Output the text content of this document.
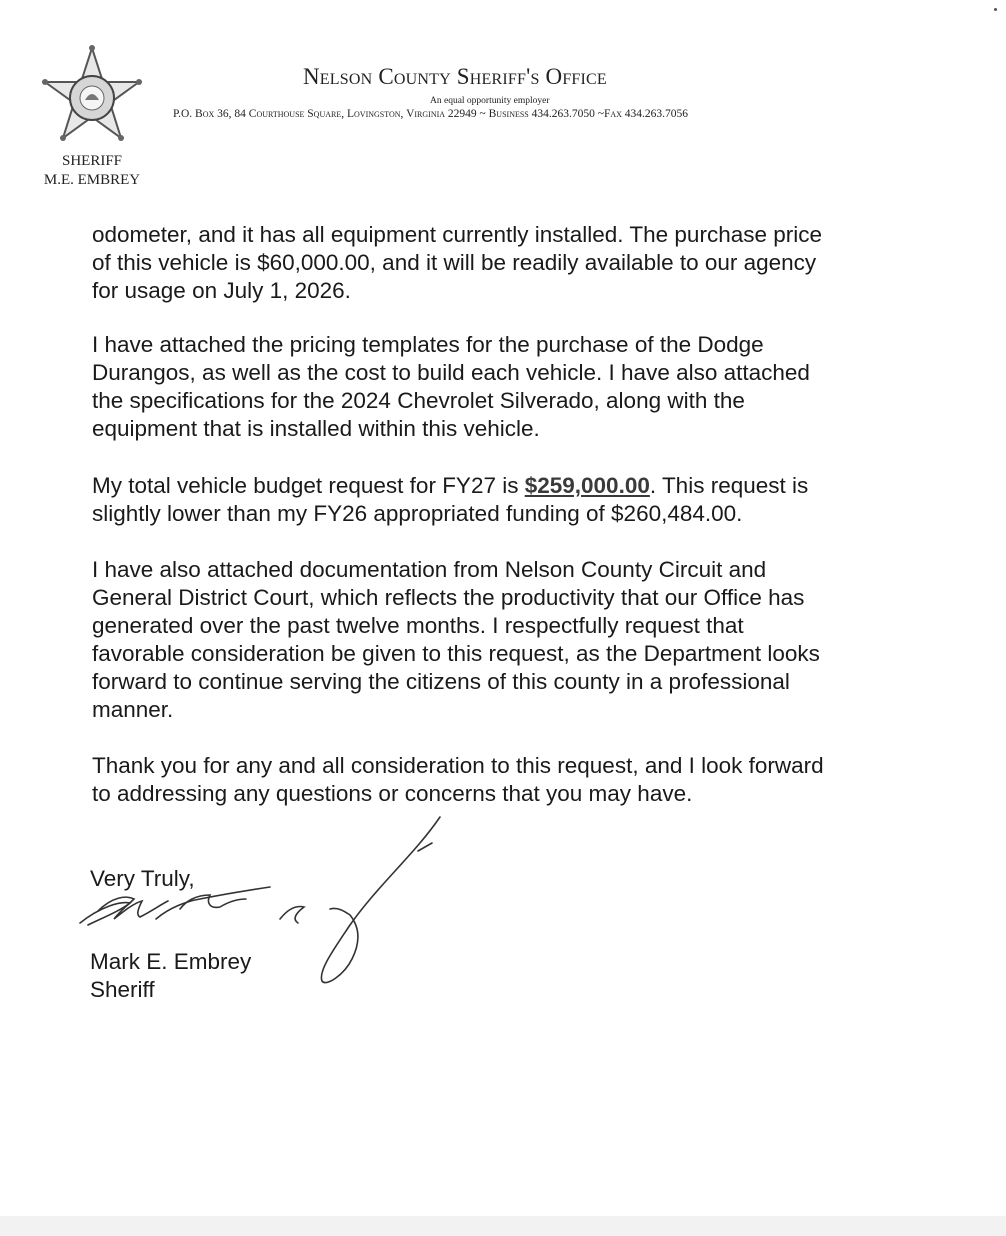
SHERIFF
M.E. EMBREY
Nelson County Sheriff's Office
An equal opportunity employer
P.O. Box 36, 84 Courthouse Square, Lovingston, Virginia 22949 ~ Business 434.263.7050 ~Fax 434.263.7056
odometer, and it has all equipment currently installed. The purchase price
of this vehicle is $60,000.00, and it will be readily available to our agency
for usage on July 1, 2026.
I have attached the pricing templates for the purchase of the Dodge
Durangos, as well as the cost to build each vehicle. I have also attached
the specifications for the 2024 Chevrolet Silverado, along with the
equipment that is installed within this vehicle.
My total vehicle budget request for FY27 is $259,000.00. This request is
slightly lower than my FY26 appropriated funding of $260,484.00.
I have also attached documentation from Nelson County Circuit and
General District Court, which reflects the productivity that our Office has
generated over the past twelve months. I respectfully request that
favorable consideration be given to this request, as the Department looks
forward to continue serving the citizens of this county in a professional
manner.
Thank you for any and all consideration to this request, and I look forward
to addressing any questions or concerns that you may have.
Very Truly,
Mark E. Embrey
Sheriff
